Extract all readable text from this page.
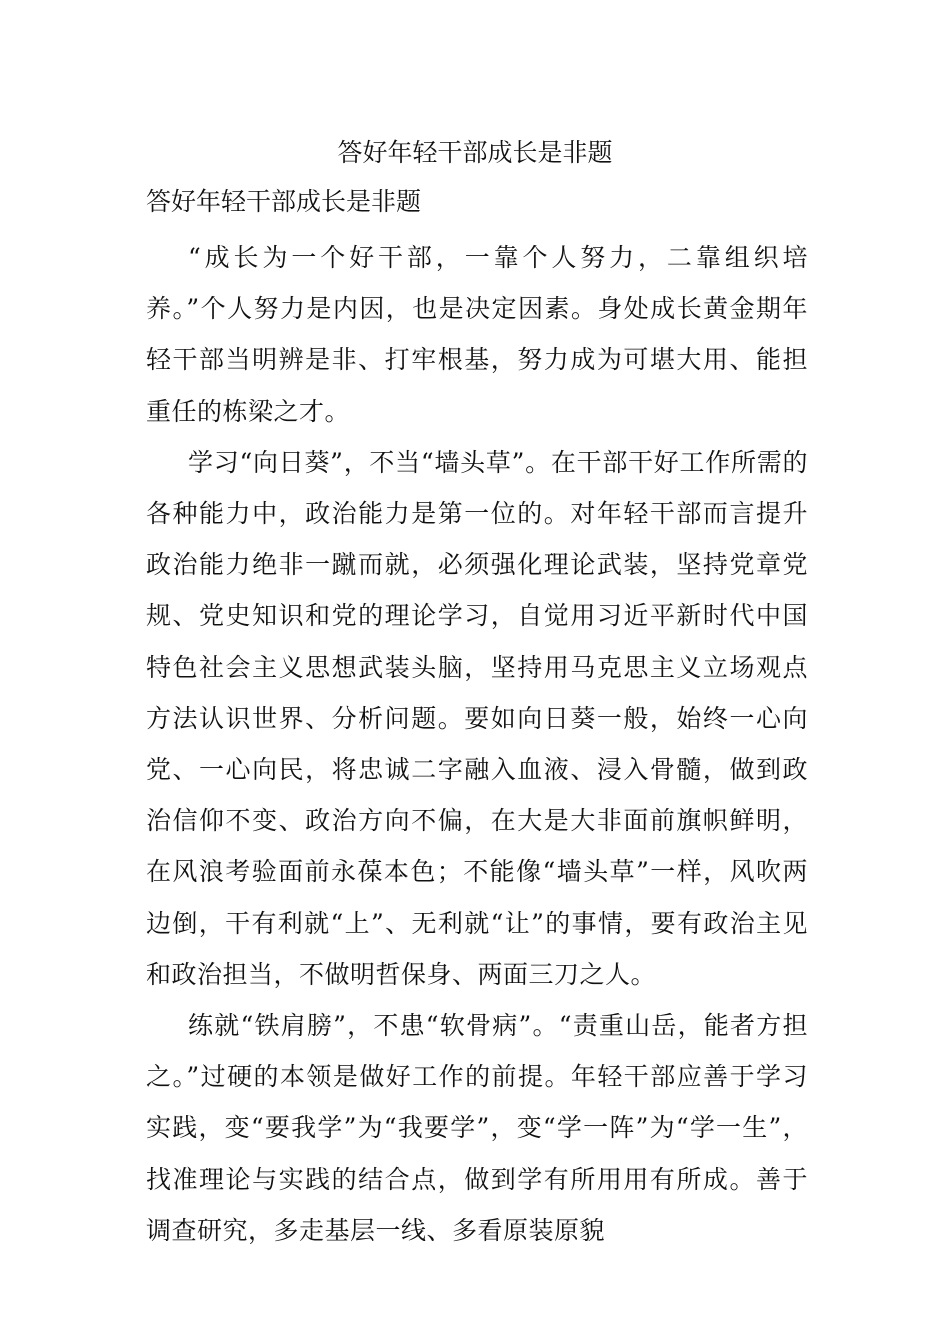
答好年轻干部成长是非题

答好年轻干部成长是非题

“成长为一个好干部，一靠个人努力，二靠组织培养。”个人努力是内因，也是决定因素。身处成长黄金期年轻干部当明辨是非、打牢根基，努力成为可堪大用、能担重任的栋梁之才。

学习“向日葵”，不当“墙头草”。在干部干好工作所需的各种能力中，政治能力是第一位的。对年轻干部而言提升政治能力绝非一蹴而就，必须强化理论武装，坚持党章党规、党史知识和党的理论学习，自觉用习近平新时代中国特色社会主义思想武装头脑，坚持用马克思主义立场观点方法认识世界、分析问题。要如向日葵一般，始终一心向党、一心向民，将忠诚二字融入血液、浸入骨髓，做到政治信仰不变、政治方向不偏，在大是大非面前旗帜鲜明，在风浪考验面前永葆本色；不能像“墙头草”一样，风吹两边倒，干有利就“上”、无利就“让”的事情，要有政治主见和政治担当，不做明哲保身、两面三刀之人。

练就“铁肩膀”，不患“软骨病”。“责重山岳，能者方担之。”过硬的本领是做好工作的前提。年轻干部应善于学习实践，变“要我学”为“我要学”，变“学一阵”为“学一生”，找准理论与实践的结合点，做到学有所用用有所成。善于调查研究，多走基层一线、多看原装原貌
